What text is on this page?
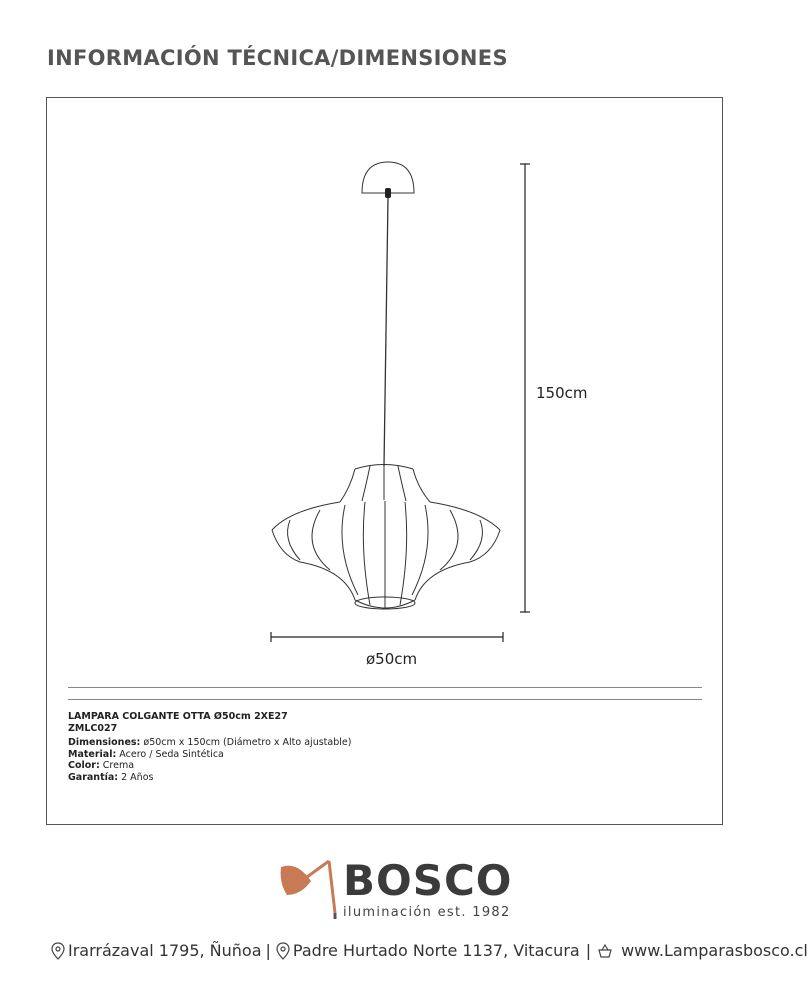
INFORMACIÓN TÉCNICA/DIMENSIONES
150cm
ø50cm
LAMPARA COLGANTE OTTA Ø50cm 2XE27
ZMLC027
Dimensiones: ø50cm x 150cm (Diámetro x Alto ajustable)
Material: Acero / Seda Sintética
Color: Crema
Garantía: 2 Años
BOSCO
iluminación est. 1982
Irarrázaval 1795, Ñuñoa | Padre Hurtado Norte 1137, Vitacura | www.Lamparasbosco.cl
